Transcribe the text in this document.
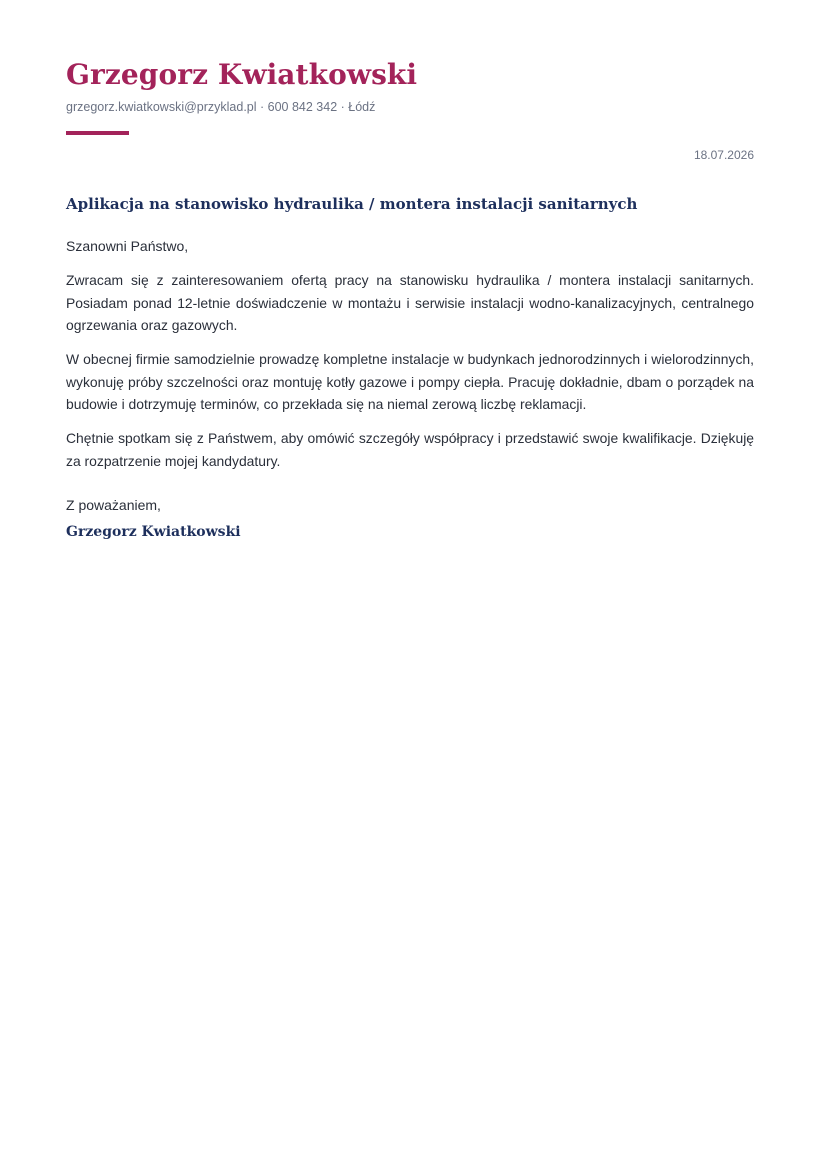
Grzegorz Kwiatkowski
grzegorz.kwiatkowski@przyklad.pl · 600 842 342 · Łódź
18.07.2026
Aplikacja na stanowisko hydraulika / montera instalacji sanitarnych
Szanowni Państwo,

Zwracam się z zainteresowaniem ofertą pracy na stanowisku hydraulika / montera instalacji sanitarnych. Posiadam ponad 12-letnie doświadczenie w montażu i serwisie instalacji wodno-kanalizacyjnych, centralnego ogrzewania oraz gazowych.

W obecnej firmie samodzielnie prowadzę kompletne instalacje w budynkach jednorodzinnych i wielorodzinnych, wykonuję próby szczelności oraz montuję kotły gazowe i pompy ciepła. Pracuję dokładnie, dbam o porządek na budowie i dotrzymuję terminów, co przekłada się na niemal zerową liczbę reklamacji.

Chętnie spotkam się z Państwem, aby omówić szczegóły współpracy i przedstawić swoje kwalifikacje. Dziękuję za rozpatrzenie mojej kandydatury.

Z poważaniem,
Grzegorz Kwiatkowski
